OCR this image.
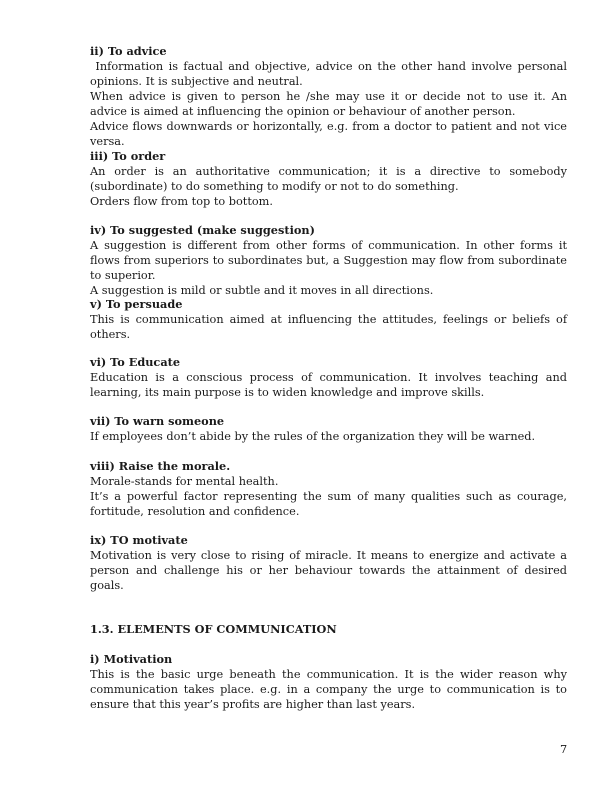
ii) To advice

Information is factual and objective, advice on the other hand involve personal opinions. It is subjective and neutral.

When advice is given to person he /she may use it or decide not to use it. An advice is aimed at influencing the opinion or behaviour of another person.

Advice flows downwards or horizontally, e.g. from a doctor to patient and not vice versa.

iii) To order

An order is an authoritative communication; it is a directive to somebody (subordinate) to do something to modify or not to do something.

Orders flow from top to bottom.

iv) To suggested (make suggestion)

A suggestion is different from other forms of communication. In other forms it flows from superiors to subordinates but, a Suggestion may flow from subordinate to superior.

A suggestion is mild or subtle and it moves in all directions.

v) To persuade

This is communication aimed at influencing the attitudes, feelings or beliefs of others.

vi) To Educate

Education is a conscious process of communication. It involves teaching and learning, its main purpose is to widen knowledge and improve skills.

vii) To warn someone

If employees don’t abide by the rules of the organization they will be warned.

viii) Raise the morale.

Morale-stands for mental health.

It’s a powerful factor representing the sum of many qualities such as courage, fortitude, resolution and confidence.

ix) TO motivate

Motivation is very close to rising of miracle. It means to energize and activate a person and challenge his or her behaviour towards the attainment of desired goals.

1.3. ELEMENTS OF COMMUNICATION
i) Motivation

This is the basic urge beneath the communication. It is the wider reason why communication takes place. e.g. in a company the urge to communication is to ensure that this year’s profits are higher than last years.

7
